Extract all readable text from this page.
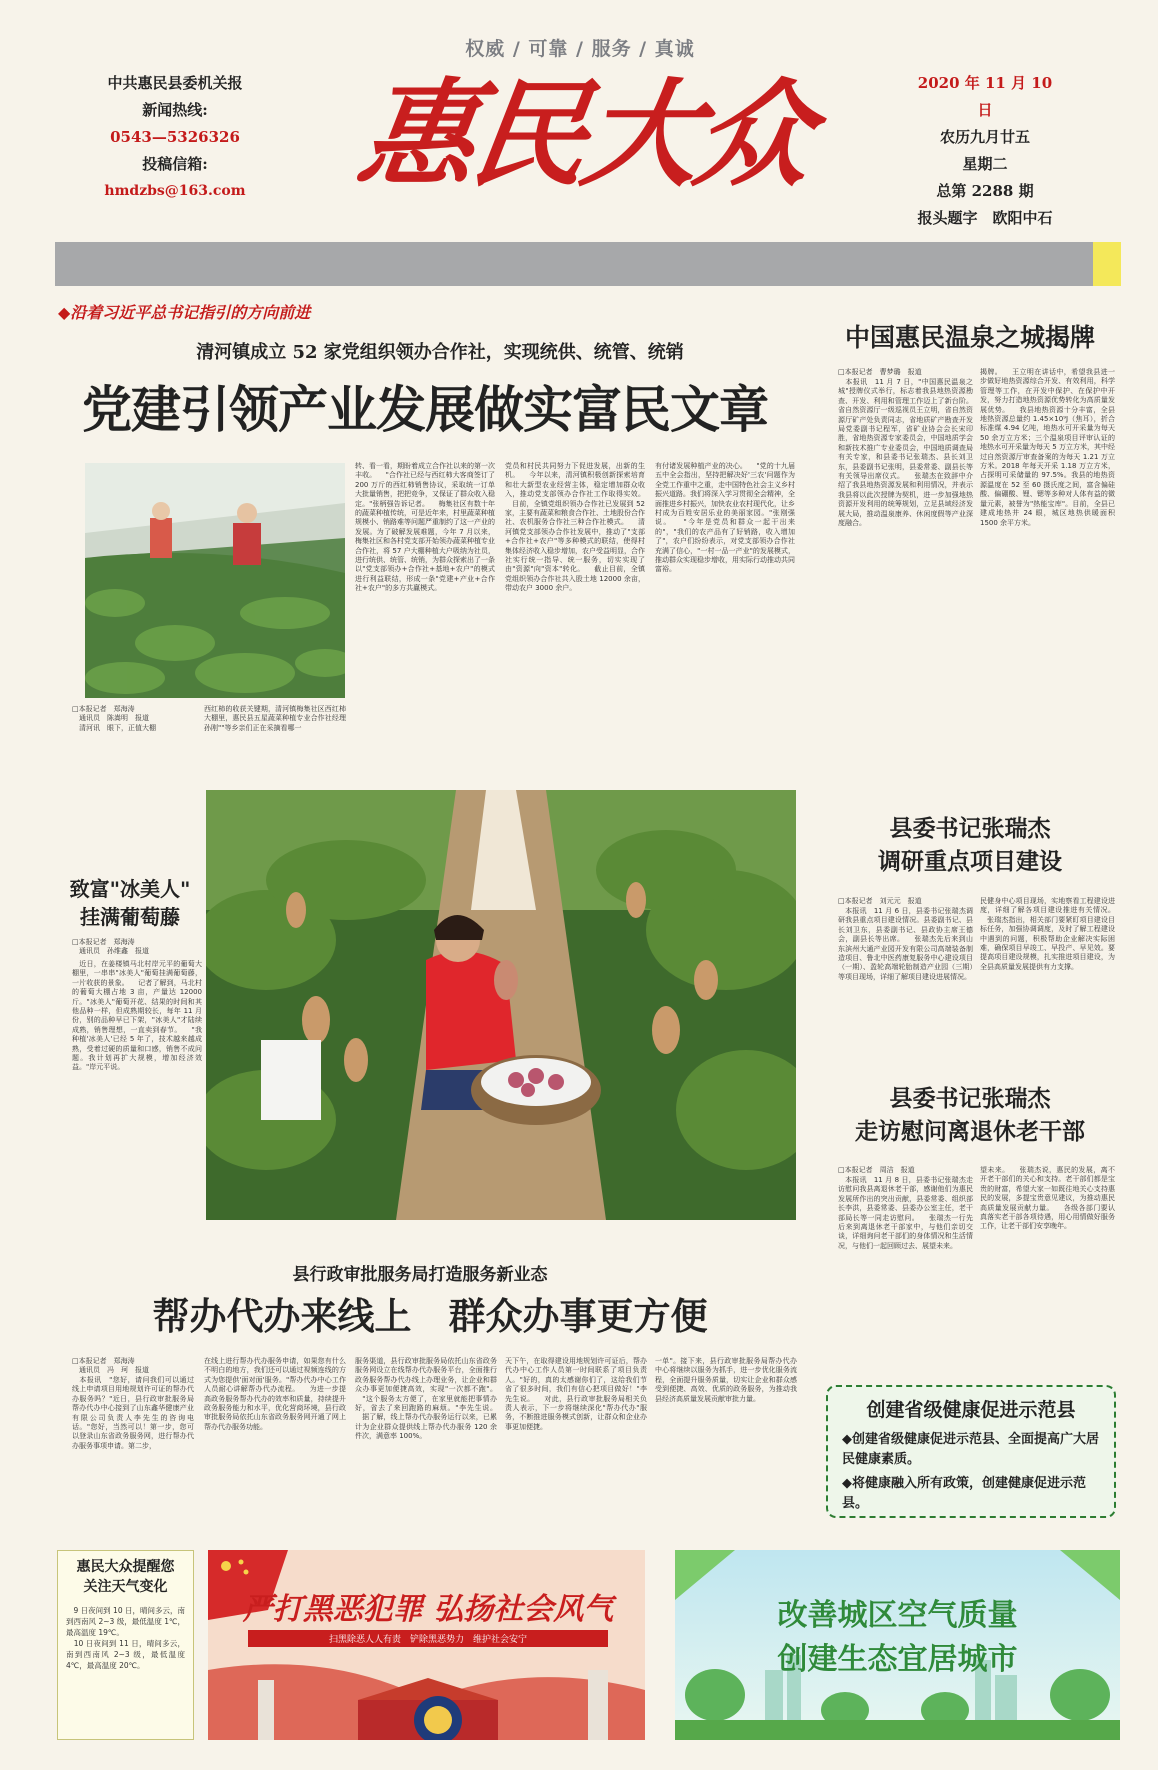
权威 / 可靠 / 服务 / 真诚
中共惠民县委机关报
新闻热线:
0543—5326326
投稿信箱:
hmdzbs@163.com 惠民大众	2020 年 11 月 10 日
农历九月廿五
星期二
总第 2288 期
报头题字　欧阳中石
◆沿着习近平总书记指引的方向前进
清河镇成立 52 家党组织领办合作社，实现统供、统管、统销
党建引领产业发展做实富民文章
□本报记者　郑海涛
　通讯员　陈嵩明　报道
　清河讯　眼下，正值大棚
西红柿的收获关键期，清河镇梅集社区西红柿大棚里，惠民县五星蔬菜种植专业合作社经理孙刚""等乡亲们正在采摘看哪一
转、看一看，期盼着成立合作社以来的第一次丰收。 　"合作社已经与西红柿大客商签订了 200 万斤的西红柿销售协议，采取统一订单大批量销售，把把竞争，又保证了群众收入稳定。"张柄强告诉记者。 　梅集社区有数十年的蔬菜种植传统，可是近年来，村里蔬菜种植规模小、销路难等问题严重制约了这一产业的发展。为了破解发展难题，今年 7 月以来，梅集社区和各村党支部开始领办蔬菜种植专业合作社，将 57 户大棚种植大户吸纳为社员，进行统供、统管、统销，为群众探索出了一条以"党支部领办+合作社+基地+农户"的模式进行利益联结，形成一条"党建+产业+合作社+农户"的多方共赢模式。
党员和村民共同努力下促进发展，出新的生机。 　今年以来，清河镇积极创新探索培育和壮大新型农业经营主体，稳定增加群众收入，推动党支部领办合作社工作取得实效。 　目前，全镇党组织领办合作社已发展到 52 家，主要有蔬菜和粮食合作社、土地股份合作社、农机服务合作社三种合作社模式。 　清河镇党支部领办合作社发展中，推动了"支部+合作社+农户"等多种模式的联结，使得村集体经济收入稳步增加，农户受益明显，合作社实行统一指导、统一服务，切实实现了由"资源"向"资本"转化。 　截止目前，全镇党组织领办合作社共入股土地 12000 余亩，带动农户 3000 余户。
有付诸发展种植产业的决心。 　"党的十九届五中全会指出，坚持把解决好'三农'问题作为全党工作重中之重，走中国特色社会主义乡村振兴道路。我们将深入学习贯彻全会精神，全面推进乡村振兴，加快农业农村现代化，让乡村成为百姓安居乐业的美丽家园。"张刚强说。 　"今年是党员和群众一起干出来的"，"我们的农产品有了好销路，收入增加了"，农户们纷纷表示，对党支部领办合作社充满了信心，"一村一品一产业"的发展模式，推动群众实现稳步增收，用实际行动推动共同富裕。
中国惠民温泉之城揭牌
□本报记者　曹梦璐　报道
　本报讯　11 月 7 日，"中国惠民温泉之城"授牌仪式举行，标志着我县地热资源勘查、开发、利用和管理工作迈上了新台阶。省自然资源厅一级巡视员王立明，省自然资源厅矿产处负责同志，省地质矿产勘查开发局党委副书记程军，省矿业协会会长宋印胜，省地热资源专家委员会，中国地质学会和新技术推广专业委员会，中国地质调查局有关专家，和县委书记张瑞杰、县长刘卫东，县委副书记张明，县委常委、副县长等有关领导出席仪式。 　张瑞杰在致辞中介绍了我县地热资源发展和利用情况，并表示我县将以此次授牌为契机，进一步加强地热资源开发利用的统筹规划，立足县域经济发展大局，推动温泉康养、休闲度假等产业深度融合。
揭牌。 　王立明在讲话中，希望我县进一步做好地热资源综合开发、有效利用，科学管理等工作，在开发中保护、在保护中开发，努力打造地热资源优势转化为高质量发展优势。 　我县地热资源十分丰富，全县地热资源总量约 1.45×10⁹J（焦耳），折合标准煤 4.94 亿吨，地热水可开采量为每天 50 余万立方米；三个温泉项目评审认证的地热水可开采量为每天 5 万立方米，其中经过自然资源厅审查备案的为每天 1.21 万立方米。2018 年每天开采 1.18 万立方米，占探明可采储量的 97.5%。我县的地热资源温度在 52 至 60 摄氏度之间，富含偏硅酸、偏硼酸、锂、锶等多种对人体有益的微量元素，被誉为"热能宝库"。目前，全县已建成地热井 24 眼，城区地热供暖面积 1500 余平方米。
致富"冰美人"
挂满葡萄藤
□本报记者　郑海涛
　通讯员　孙维鑫　报道
　近日，在姜楼镇马北村岸元平的葡萄大棚里，一串串"冰美人"葡萄挂满葡萄藤，一片收获的景象。 　记者了解到，马北村的葡萄大棚占地 3 亩，产量达 12000 斤。"冰美人"葡萄开花、结果的时间和其他品种一样，但成熟期较长，每年 11 月份，别的品种早已下架，"冰美人"才陆续成熟，销售理想，一直卖到春节。 　"我种植'冰美人'已经 5 年了，技术越来越成熟，受着过硬的质量和口感，销售不成问题。我计划再扩大规模，增加经济效益。"岸元平说。
县委书记张瑞杰
调研重点项目建设
□本报记者　刘元元　报道
　本报讯　11 月 6 日，县委书记张瑞杰调研我县重点项目建设情况。县委副书记、县长刘卫东，县委副书记、县政协主席王德会，副县长等出席。 　张瑞杰先后来到山东滨州大通产业园开发有限公司高端装备制造项目、鲁北中医药康复服务中心建设项目（一期）、盈轮高端轮胎制造产业园（三期）等项目现场，详细了解项目建设进展情况。
民健身中心项目现场，实地察看工程建设进度，详细了解各项目建设推进有关情况。 　张瑞杰指出，相关部门要紧盯项目建设目标任务，加强协调调度，及时了解工程建设中遇到的问题，积极帮助企业解决实际困难，确保项目早竣工、早投产、早见效。要提高项目建设规模，扎实推进项目建设，为全县高质量发展提供有力支撑。
县委书记张瑞杰
走访慰问离退休老干部
□本报记者　周洁　报道
　本报讯　11 月 8 日，县委书记张瑞杰走访慰问我县离退休老干部，感谢他们为惠民发展所作出的突出贡献，县委常委、组织部长李洪，县委常委、县委办公室主任，老干部局长等一同走访慰问。 　张瑞杰一行先后来到离退休老干部家中，与他们亲切交谈，详细询问老干部们的身体情况和生活情况，与他们一起回顾过去、展望未来。
望未来。 　张瑞杰说，惠民的发展，离不开老干部们的关心和支持。老干部们都是宝贵的财富，希望大家一如既往地关心支持惠民的发展，多提宝贵意见建议，为推动惠民高质量发展贡献力量。 　各级各部门要认真落实老干部各项待遇，用心用情做好服务工作，让老干部们安享晚年。
县行政审批服务局打造服务新业态
帮办代办来线上　群众办事更方便
□本报记者　郑海涛
　通讯员　冯　珂　报道
　本报讯　"您好，请问我们可以通过线上申请项目用地规划许可证的帮办代办服务吗？"近日，县行政审批服务局帮办代办中心接到了山东鑫华健康产业有限公司负责人李先生的咨询电话。"您好，当然可以！第一步，您可以登录山东省政务服务网，进行帮办代办服务事项申请。第二步，
在线上进行帮办代办服务申请，如果您有什么不明白的地方，我们还可以通过视频连线的方式为您提供'面对面'服务。"帮办代办中心工作人员耐心讲解帮办代办流程。 　为进一步提高政务服务帮办代办的效率和质量，持续提升政务服务能力和水平，优化营商环境，县行政审批服务局依托山东省政务服务网开通了网上帮办代办服务功能。
服务渠道，县行政审批服务局依托山东省政务服务网设立在线帮办代办服务平台，全面推行政务服务帮办代办线上办理业务，让企业和群众办事更加便捷高效，实现"一次都不跑"。 　"这个服务太方便了，在家里就能把事情办好，省去了来回跑路的麻烦。"李先生说。 　据了解，线上帮办代办服务运行以来，已累计为企业群众提供线上帮办代办服务 120 余件次，满意率 100%。
天下午，在取得建设用地规划许可证后，帮办代办中心工作人员第一时间联系了项目负责人。"好的，真的太感谢你们了，这给我们节省了很多时间，我们有信心把项目做好！"李先生说。 　对此，县行政审批服务局相关负责人表示，下一步将继续深化"帮办代办"服务，不断推进服务模式创新，让群众和企业办事更加便捷。
一单"。接下来，县行政审批服务局帮办代办中心将继续以服务为抓手，进一步优化服务流程，全面提升服务质量，切实让企业和群众感受到便捷、高效、优质的政务服务，为推动我县经济高质量发展贡献审批力量。
创建省级健康促进示范县
◆创建省级健康促进示范县、全面提高广大居民健康素质。
◆将健康融入所有政策，创建健康促进示范县。
惠民大众提醒您
关注天气变化
　9 日夜间到 10 日，晴间多云，南到西南风 2~3 级，最低温度 1℃，最高温度 19℃。
　10 日夜间到 11 日，晴间多云，南到西南风 2~3 级，最低温度 4℃，最高温度 20℃。
严打黑恶犯罪 弘扬社会风气
扫黑除恶人人有责　铲除黑恶势力　维护社会安宁
改善城区空气质量
创建生态宜居城市
